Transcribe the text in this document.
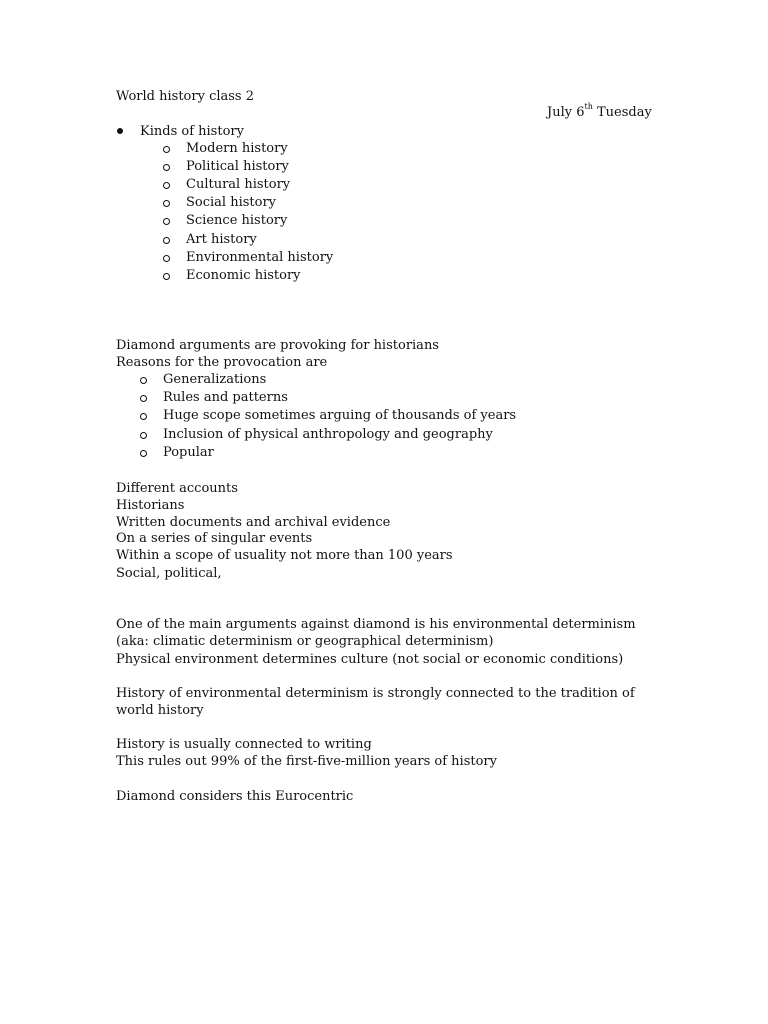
World history class 2
July 6th Tuesday
Kinds of history
Modern history
Political history
Cultural history
Social history
Science history
Art history
Environmental history
Economic history
Diamond arguments are provoking for historians
Reasons for the provocation are
Generalizations
Rules and patterns
Huge scope sometimes arguing of thousands of years
Inclusion of physical anthropology and geography
Popular
Different accounts
Historians
Written documents and archival evidence
On a series of singular events
Within a scope of usuality not more than 100 years
Social, political,
One of the main arguments against diamond is his environmental determinism
(aka: climatic determinism or geographical determinism)
Physical environment determines culture (not social or economic conditions)
History of environmental determinism is strongly connected to the tradition of
world history
History is usually connected to writing
This rules out 99% of the first-five-million years of history
Diamond considers this Eurocentric
